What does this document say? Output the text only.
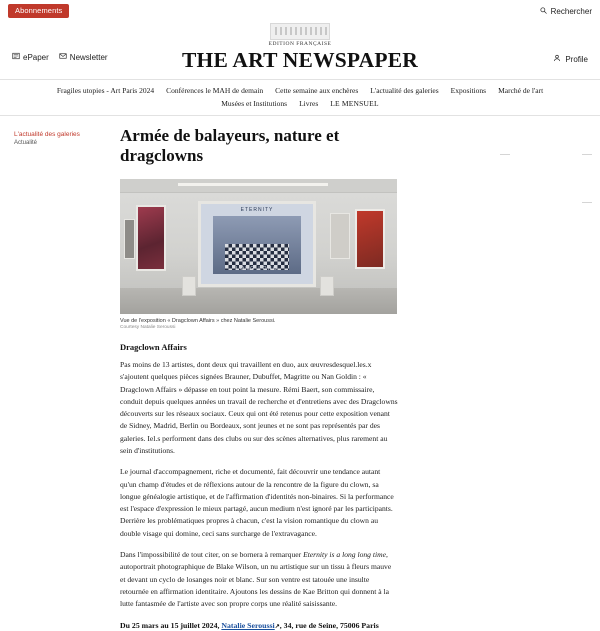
Abonnements	Rechercher
ePaper	Newsletter
EDITION FRANÇAISE
THE ART NEWSPAPER	Profile
Fragiles utopies - Art Paris 2024 Conférences le MAH de demain Cette semaine aux enchères L'actualité des galeries Expositions Marché de l'art
Musées et Institutions Livres LE MENSUEL
L'actualité des galeries
Actualité	Armée de balayeurs, nature et dragclowns
ETERNITY
LONG LONG
Vue de l'exposition « Dragclown Affairs » chez Natalie Seroussi.
Courtesy Natalie Seroussi
Dragclown Affairs

Pas moins de 13 artistes, dont deux qui travaillent en duo, aux œuvresdesquel.les.x s'ajoutent quelques pièces signées Brauner, Dubuffet, Magritte ou Nan Goldin : « Dragclown Affairs » dépasse en tout point la mesure. Rémi Baert, son commissaire, conduit depuis quelques années un travail de recherche et d'entretiens avec des Dragclowns découverts sur les réseaux sociaux. Ceux qui ont été retenus pour cette exposition venant de Sidney, Madrid, Berlin ou Bordeaux, sont jeunes et ne sont pas représentés par des galeries. Iel.s performent dans des clubs ou sur des scènes alternatives, plus rarement au sein d'institutions.

Le journal d'accompagnement, riche et documenté, fait découvrir une tendance autant qu'un champ d'études et de réflexions autour de la rencontre de la figure du clown, sa longue généalogie artistique, et de l'affirmation d'identités non-binaires. Si la performance est l'espace d'expression le mieux partagé, aucun medium n'est ignoré par les participants. Derrière les problématiques propres à chacun, c'est la vision romantique du clown au double visage qui domine, ceci sans surcharge de l'extravagance.

Dans l'impossibilité de tout citer, on se bornera à remarquer Eternity is a long long time, autoportrait photographique de Blake Wilson, un nu artistique sur un tissu à fleurs mauve et devant un cyclo de losanges noir et blanc. Sur son ventre est tatouée une insulte retournée en affirmation identitaire. Ajoutons les dessins de Kae Britton qui donnent à la lutte fantasmée de l'artiste avec son propre corps une réalité saisissante.

Du 25 mars au 15 juillet 2024, Natalie Seroussi↗, 34, rue de Seine, 75006 Paris
